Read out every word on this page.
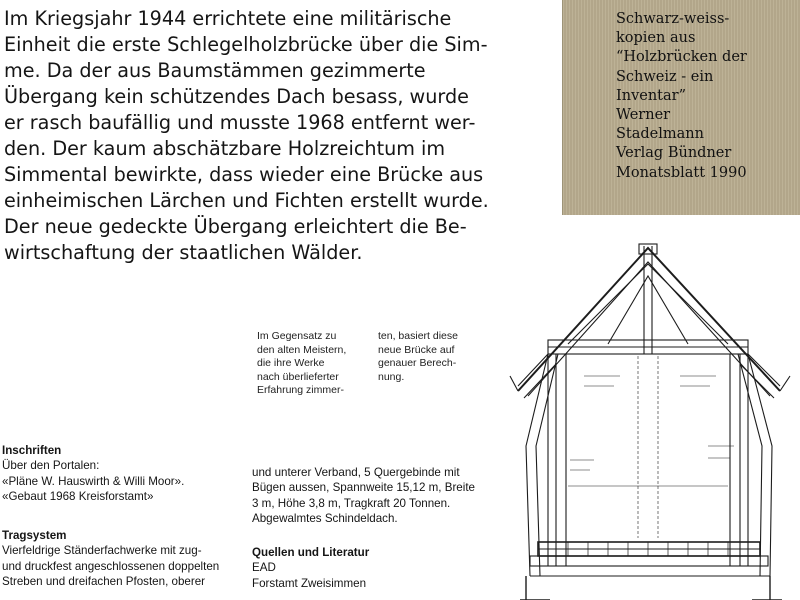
Im Kriegsjahr 1944 errichtete eine militärische
Einheit die erste Schlegelholzbrücke über die Sim-
me. Da der aus Baumstämmen gezimmerte
Übergang kein schützendes Dach besass, wurde
er rasch baufällig und musste 1968 entfernt wer-
den. Der kaum abschätzbare Holzreichtum im
Simmental bewirkte, dass wieder eine Brücke aus
einheimischen Lärchen und Fichten erstellt wurde.
Der neue gedeckte Übergang erleichtert die Be-
wirtschaftung der staatlichen Wälder.
Schwarz-weiss-
kopien aus
“Holzbrücken der
Schweiz - ein
Inventar”
Werner
Stadelmann
Verlag Bündner
Monatsblatt 1990
Im Gegensatz zu
den alten Meistern,
die ihre Werke
nach überlieferter
Erfahrung zimmer-
ten, basiert diese
neue Brücke auf
genauer Berech-
nung.
Inschriften
Über den Portalen:
«Pläne W. Hauswirth & Willi Moor».
«Gebaut 1968 Kreisforstamt»
Tragsystem
Vierfeldrige Ständerfachwerke mit zug-
und druckfest angeschlossenen doppelten
Streben und dreifachen Pfosten, oberer
und unterer Verband, 5 Quergebinde mit
Bügen aussen, Spannweite 15,12 m, Breite
3 m, Höhe 3,8 m, Tragkraft 20 Tonnen.
Abgewalmtes Schindeldach.
Quellen und Literatur
EAD
Forstamt Zweisimmen
